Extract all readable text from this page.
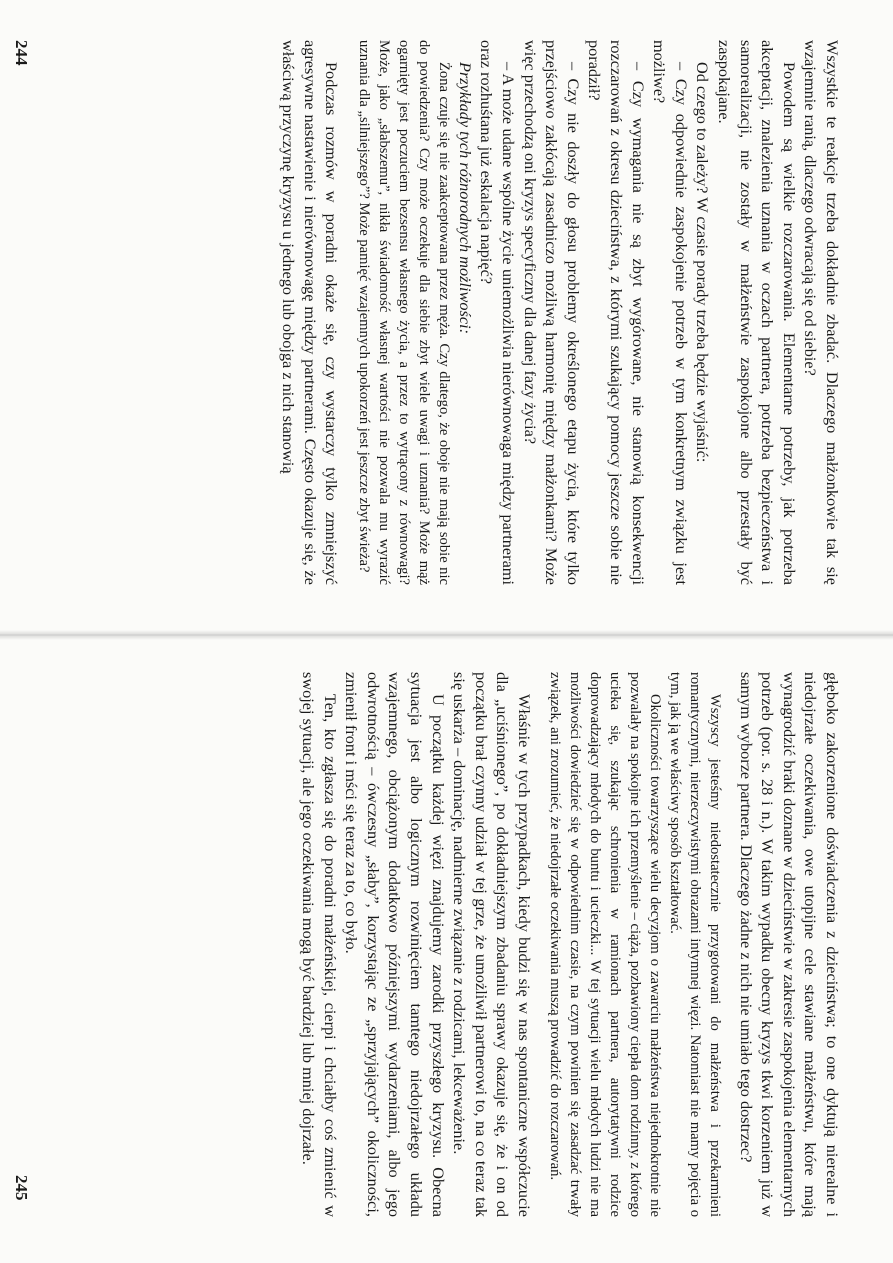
Wszystkie te reakcje trzeba dokładnie zbadać. Dlaczego małżonkowie tak się wzajemnie ranią, dlaczego odwracają się od siebie?

Powodem są wielkie rozczarowania. Elementarne potrzeby, jak potrzeba akceptacji, znalezienia uznania w oczach partnera, potrzeba bezpieczeństwa i samorealizacji, nie zostały w małżeństwie zaspokojone albo przestały być zaspokajane.

Od czego to zależy? W czasie porady trzeba będzie wyjaśnić:

– Czy odpowiednie zaspokojenie potrzeb w tym konkretnym związku jest możliwe?

– Czy wymagania nie są zbyt wygórowane, nie stanowią konsekwencji rozczarowań z okresu dzieciństwa, z którymi szukający pomocy jeszcze sobie nie poradził?

– Czy nie doszły do głosu problemy określonego etapu życia, które tylko przejściowo zakłócają zasadniczo możliwą harmonię między małżonkami? Może więc przechodzą oni kryzys specyficzny dla danej fazy życia?

– A może udane wspólne życie uniemożliwia nierównowaga między partnerami oraz rozhuśtana już eskalacja napięć?

Przykłady tych różnorodnych możliwości:

Żona czuje się nie zaakceptowana przez męża. Czy dlatego, że oboje nie mają sobie nic do powiedzenia? Czy może oczekuje dla siebie zbyt wiele uwagi i uznania? Może mąż ogarnięty jest poczuciem bezsensu własnego życia, a przez to wytrącony z równowagi? Może, jako „słabszemu”, nikła świadomość własnej wartości nie pozwala mu wyrazić uznania dla „silniejszego”? Może pamięć wzajemnych upokorzeń jest jeszcze zbyt świeża?

Podczas rozmów w poradni okaże się, czy wystarczy tylko zmniejszyć agresywne nastawienie i nierównowagę między partnerami. Często okazuje się, że właściwą przyczynę kryzysu u jednego lub obojga z nich stanowią

244

głęboko zakorzenione doświadczenia z dzieciństwa; to one dyktują nierealne i niedojrzałe oczekiwania, owe utopijne cele stawiane małżeństwu, które mają wynagrodzić braki doznane w dzieciństwie w zakresie zaspokojenia elementarnych potrzeb (por. s. 28 i n.). W takim wypadku obecny kryzys tkwi korzeniem już w samym wyborze partnera. Dlaczego żadne z nich nie umiało tego dostrzec?

Wszyscy jesteśmy niedostatecznie przygotowani do małżeństwa i przekarmieni romantycznymi, nierzeczywistymi obrazami intymnej więzi. Natomiast nie mamy pojęcia o tym, jak ją we właściwy sposób kształtować.

Okoliczności towarzyszące wielu decyzjom o zawarciu małżeństwa niejednokrotnie nie pozwalały na spokojne ich przemyślenie – ciąża, pozbawiony ciepła dom rodzinny, z którego ucieka się, szukając schronienia w ramionach partnera, autorytatywni rodzice doprowadzający młodych do buntu i ucieczki... W tej sytuacji wielu młodych ludzi nie ma możliwości dowiedzieć się w odpowiednim czasie, na czym powinien się zasadzać trwały związek, ani zrozumieć, że niedojrzałe oczekiwania muszą prowadzić do rozczarowań.

Właśnie w tych przypadkach, kiedy budzi się w nas spontaniczne współczucie dla „uciśnionego”, po dokładniejszym zbadaniu sprawy okazuje się, że i on od początku brał czynny udział w tej grze, że umożliwił partnerowi to, na co teraz tak się uskarża – dominację, nadmierne związanie z rodzicami, lekceważenie.

U początku każdej więzi znajdujemy zarodki przyszłego kryzysu. Obecna sytuacja jest albo logicznym rozwinięciem tamtego niedojrzałego układu wzajemnego, obciążonym dodatkowo późniejszymi wydarzeniami, albo jego odwrotnością – ówczesny „słaby”, korzystając ze „sprzyjających” okoliczności, zmienił front i mści się teraz za to, co było.

Ten, kto zgłasza się do poradni małżeńskiej, cierpi i chciałby coś zmienić w swojej sytuacji, ale jego oczekiwania mogą być bardziej lub mniej dojrzałe.

245
